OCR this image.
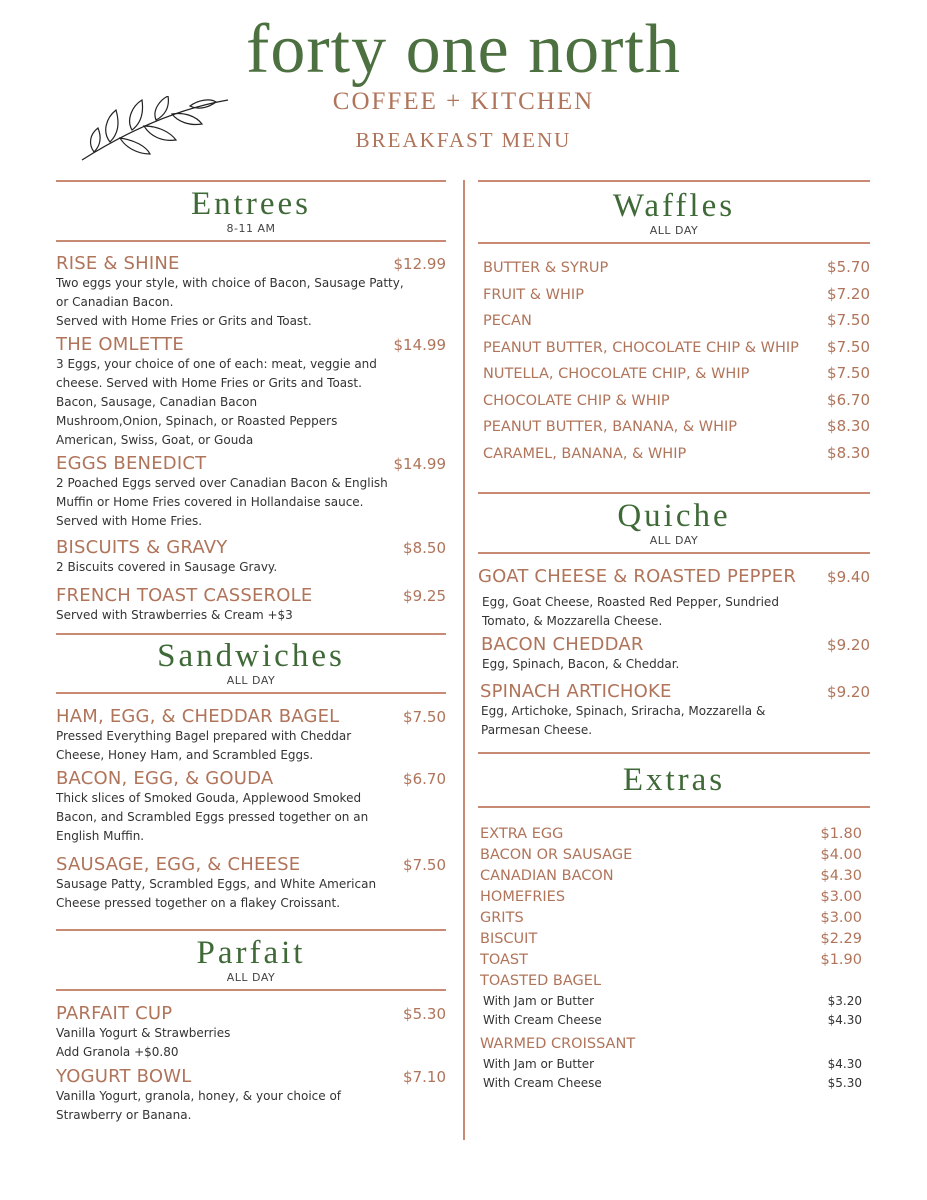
forty one north
COFFEE + KITCHEN
BREAKFAST MENU
Entrees
8-11 AM
RISE & SHINE	$12.99
Two eggs your style, with choice of Bacon, Sausage Patty,
or Canadian Bacon.
Served with Home Fries or Grits and Toast.
THE OMLETTE	$14.99
3 Eggs, your choice of one of each: meat, veggie and
cheese. Served with Home Fries or Grits and Toast.
Bacon, Sausage, Canadian Bacon
Mushroom,Onion, Spinach, or Roasted Peppers
American, Swiss, Goat, or Gouda
EGGS BENEDICT	$14.99
2 Poached Eggs served over Canadian Bacon & English
Muffin or Home Fries covered in Hollandaise sauce.
Served with Home Fries.
BISCUITS & GRAVY	$8.50
2 Biscuits covered in Sausage Gravy.
FRENCH TOAST CASSEROLE	$9.25
Served with Strawberries & Cream +$3
Sandwiches
ALL DAY
HAM, EGG, & CHEDDAR BAGEL	$7.50
Pressed Everything Bagel prepared with Cheddar
Cheese, Honey Ham, and Scrambled Eggs.
BACON, EGG, & GOUDA	$6.70
Thick slices of Smoked Gouda, Applewood Smoked
Bacon, and Scrambled Eggs pressed together on an
English Muffin.
SAUSAGE, EGG, & CHEESE	$7.50
Sausage Patty, Scrambled Eggs, and White American
Cheese pressed together on a flakey Croissant.
Parfait
ALL DAY
PARFAIT CUP	$5.30
Vanilla Yogurt & Strawberries
Add Granola +$0.80
YOGURT BOWL	$7.10
Vanilla Yogurt, granola, honey, & your choice of
Strawberry or Banana.
Waffles
ALL DAY
BUTTER & SYRUP	$5.70
FRUIT & WHIP	$7.20
PECAN	$7.50
PEANUT BUTTER, CHOCOLATE CHIP & WHIP $7.50
NUTELLA, CHOCOLATE CHIP, & WHIP	$7.50
CHOCOLATE CHIP & WHIP	$6.70
PEANUT BUTTER, BANANA, & WHIP	$8.30
CARAMEL, BANANA, & WHIP	$8.30
Quiche
ALL DAY
GOAT CHEESE & ROASTED PEPPER $9.40
Egg, Goat Cheese, Roasted Red Pepper, Sundried
Tomato, & Mozzarella Cheese.
BACON CHEDDAR	$9.20
Egg, Spinach, Bacon, & Cheddar.
SPINACH ARTICHOKE	$9.20
Egg, Artichoke, Spinach, Sriracha, Mozzarella &
Parmesan Cheese.
Extras
EXTRA EGG	$1.80
BACON OR SAUSAGE	$4.00
CANADIAN BACON	$4.30
HOMEFRIES	$3.00
GRITS	$3.00
BISCUIT	$2.29
TOAST	$1.90
TOASTED BAGEL
With Jam or Butter	$3.20
With Cream Cheese	$4.30
WARMED CROISSANT
With Jam or Butter	$4.30
With Cream Cheese	$5.30
